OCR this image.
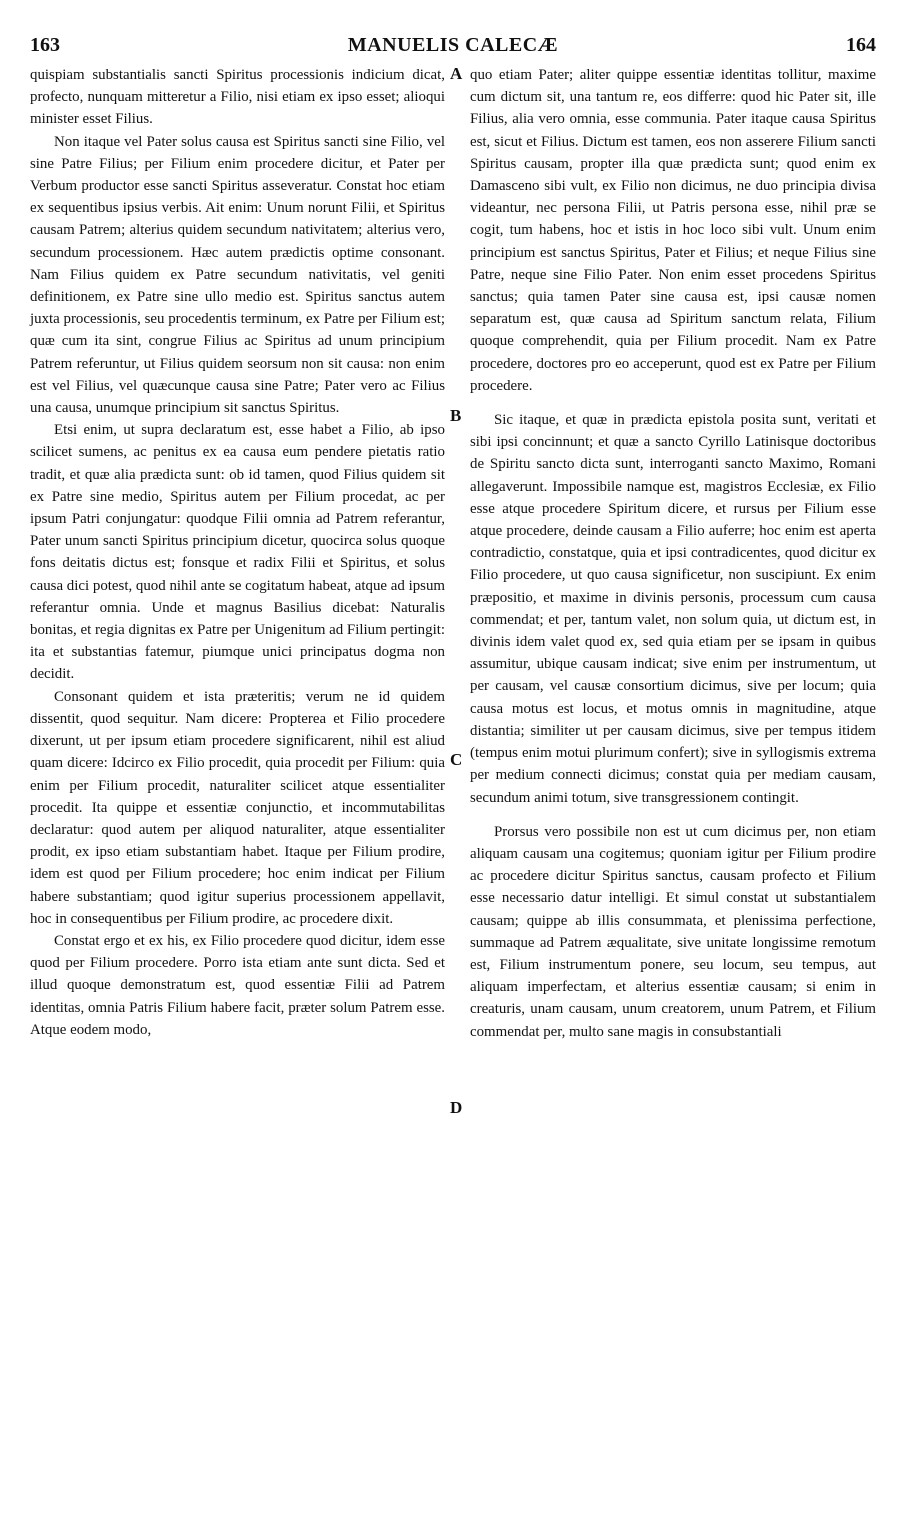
163	MANUELIS CALECÆ	164

quispiam substantialis sancti Spiritus processionis indicium dicat, profecto, nunquam mitteretur a Filio, nisi etiam ex ipso esset; alioqui minister esset Filius.

Non itaque vel Pater solus causa est Spiritus sancti sine Filio, vel sine Patre Filius; per Filium enim procedere dicitur, et Pater per Verbum productor esse sancti Spiritus asseveratur. Constat hoc etiam ex sequentibus ipsius verbis. Ait enim: Unum norunt Filii, et Spiritus causam Patrem; alterius quidem secundum nativitatem; alterius vero, secundum processionem. Hæc autem prædictis optime consonant. Nam Filius quidem ex Patre secundum nativitatis, vel geniti definitionem, ex Patre sine ullo medio est. Spiritus sanctus autem juxta processionis, seu procedentis terminum, ex Patre per Filium est; quæ cum ita sint, congrue Filius ac Spiritus ad unum principium Patrem referuntur, ut Filius quidem seorsum non sit causa: non enim est vel Filius, vel quæcunque causa sine Patre; Pater vero ac Filius una causa, unumque principium sit sanctus Spiritus.

Etsi enim, ut supra declaratum est, esse habet a Filio, ab ipso scilicet sumens, ac penitus ex ea causa eum pendere pietatis ratio tradit, et quæ alia prædicta sunt: ob id tamen, quod Filius quidem sit ex Patre sine medio, Spiritus autem per Filium procedat, ac per ipsum Patri conjungatur: quodque Filii omnia ad Patrem referantur, Pater unum sancti Spiritus principium dicetur, quocirca solus quoque fons deitatis dictus est; fonsque et radix Filii et Spiritus, et solus causa dici potest, quod nihil ante se cogitatum habeat, atque ad ipsum referantur omnia. Unde et magnus Basilius dicebat: Naturalis bonitas, et regia dignitas ex Patre per Unigenitum ad Filium pertingit: ita et substantias fatemur, piumque unici principatus dogma non decidit.

Consonant quidem et ista præteritis; verum ne id quidem dissentit, quod sequitur. Nam dicere: Propterea et Filio procedere dixerunt, ut per ipsum etiam procedere significarent, nihil est aliud quam dicere: Idcirco ex Filio procedit, quia procedit per Filium: quia enim per Filium procedit, naturaliter scilicet atque essentialiter procedit. Ita quippe et essentiæ conjunctio, et incommutabilitas declaratur: quod autem per aliquod naturaliter, atque essentialiter prodit, ex ipso etiam substantiam habet. Itaque per Filium prodire, idem est quod per Filium procedere; hoc enim indicat per Filium habere substantiam; quod igitur superius processionem appellavit, hoc in consequentibus per Filium prodire, ac procedere dixit.

Constat ergo et ex his, ex Filio procedere quod dicitur, idem esse quod per Filium procedere. Porro ista etiam ante sunt dicta. Sed et illud quoque demonstratum est, quod essentiæ Filii ad Patrem identitas, omnia Patris Filium habere facit, præter solum Patrem esse. Atque eodem modo,

A
B
C
D

quo etiam Pater; aliter quippe essentiæ identitas tollitur, maxime cum dictum sit, una tantum re, eos differre: quod hic Pater sit, ille Filius, alia vero omnia, esse communia. Pater itaque causa Spiritus est, sicut et Filius. Dictum est tamen, eos non asserere Filium sancti Spiritus causam, propter illa quæ prædicta sunt; quod enim ex Damasceno sibi vult, ex Filio non dicimus, ne duo principia divisa videantur, nec persona Filii, ut Patris persona esse, nihil præ se cogit, tum habens, hoc et istis in hoc loco sibi vult. Unum enim principium est sanctus Spiritus, Pater et Filius; et neque Filius sine Patre, neque sine Filio Pater. Non enim esset procedens Spiritus sanctus; quia tamen Pater sine causa est, ipsi causæ nomen separatum est, quæ causa ad Spiritum sanctum relata, Filium quoque comprehendit, quia per Filium procedit. Nam ex Patre procedere, doctores pro eo acceperunt, quod est ex Patre per Filium procedere.

Sic itaque, et quæ in prædicta epistola posita sunt, veritati et sibi ipsi concinnunt; et quæ a sancto Cyrillo Latinisque doctoribus de Spiritu sancto dicta sunt, interroganti sancto Maximo, Romani allegaverunt. Impossibile namque est, magistros Ecclesiæ, ex Filio esse atque procedere Spiritum dicere, et rursus per Filium esse atque procedere, deinde causam a Filio auferre; hoc enim est aperta contradictio, constatque, quia et ipsi contradicentes, quod dicitur ex Filio procedere, ut quo causa significetur, non suscipiunt. Ex enim præpositio, et maxime in divinis personis, processum cum causa commendat; et per, tantum valet, non solum quia, ut dictum est, in divinis idem valet quod ex, sed quia etiam per se ipsam in quibus assumitur, ubique causam indicat; sive enim per instrumentum, ut per causam, vel causæ consortium dicimus, sive per locum; quia causa motus est locus, et motus omnis in magnitudine, atque distantia; similiter ut per causam dicimus, sive per tempus itidem (tempus enim motui plurimum confert); sive in syllogismis extrema per medium connecti dicimus; constat quia per mediam causam, secundum animi totum, sive transgressionem contingit.

Prorsus vero possibile non est ut cum dicimus per, non etiam aliquam causam una cogitemus; quoniam igitur per Filium prodire ac procedere dicitur Spiritus sanctus, causam profecto et Filium esse necessario datur intelligi. Et simul constat ut substantialem causam; quippe ab illis consummata, et plenissima perfectione, summaque ad Patrem æqualitate, sive unitate longissime remotum est, Filium instrumentum ponere, seu locum, seu tempus, aut aliquam imperfectam, et alterius essentiæ causam; si enim in creaturis, unam causam, unum creatorem, unum Patrem, et Filium commendat per, multo sane magis in consubstantiali
